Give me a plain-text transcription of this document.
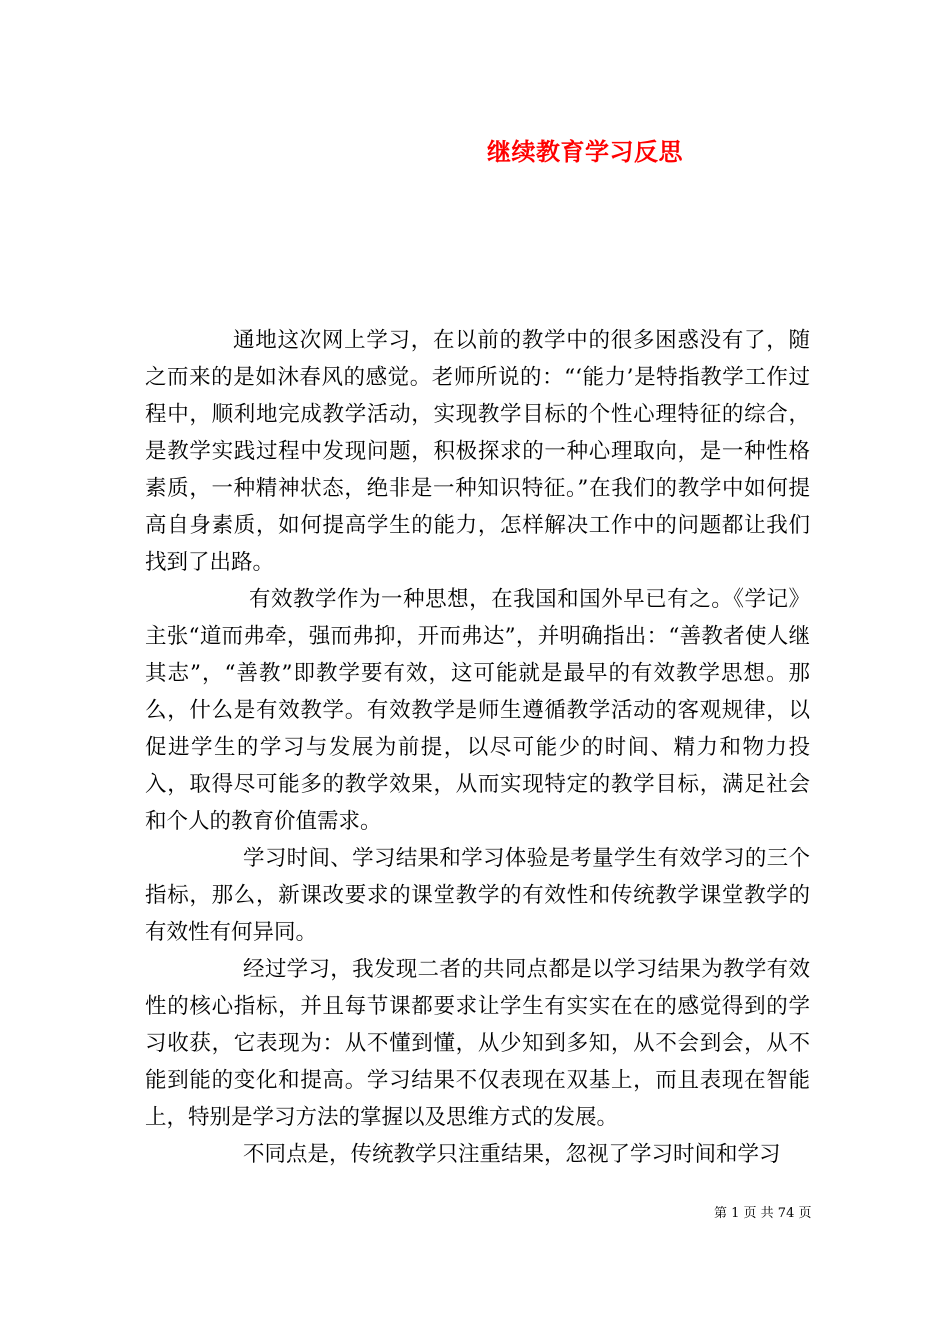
继续教育学习反思

通地这次网上学习，在以前的教学中的很多困惑没有了，随之而来的是如沐春风的感觉。老师所说的：“‘能力’是特指教学工作过程中，顺利地完成教学活动，实现教学目标的个性心理特征的综合，是教学实践过程中发现问题，积极探求的一种心理取向，是一种性格素质，一种精神状态，绝非是一种知识特征。”在我们的教学中如何提高自身素质，如何提高学生的能力，怎样解决工作中的问题都让我们找到了出路。

有效教学作为一种思想，在我国和国外早已有之。《学记》主张“道而弗牵，强而弗抑，开而弗达”，并明确指出：“善教者使人继其志”，“善教”即教学要有效，这可能就是最早的有效教学思想。那么，什么是有效教学。有效教学是师生遵循教学活动的客观规律，以促进学生的学习与发展为前提，以尽可能少的时间、精力和物力投入，取得尽可能多的教学效果，从而实现特定的教学目标，满足社会和个人的教育价值需求。

学习时间、学习结果和学习体验是考量学生有效学习的三个指标，那么，新课改要求的课堂教学的有效性和传统教学课堂教学的有效性有何异同。

经过学习，我发现二者的共同点都是以学习结果为教学有效性的核心指标，并且每节课都要求让学生有实实在在的感觉得到的学习收获，它表现为：从不懂到懂，从少知到多知，从不会到会，从不能到能的变化和提高。学习结果不仅表现在双基上，而且表现在智能上，特别是学习方法的掌握以及思维方式的发展。

不同点是，传统教学只注重结果，忽视了学习时间和学习

第 1 页 共 74 页
